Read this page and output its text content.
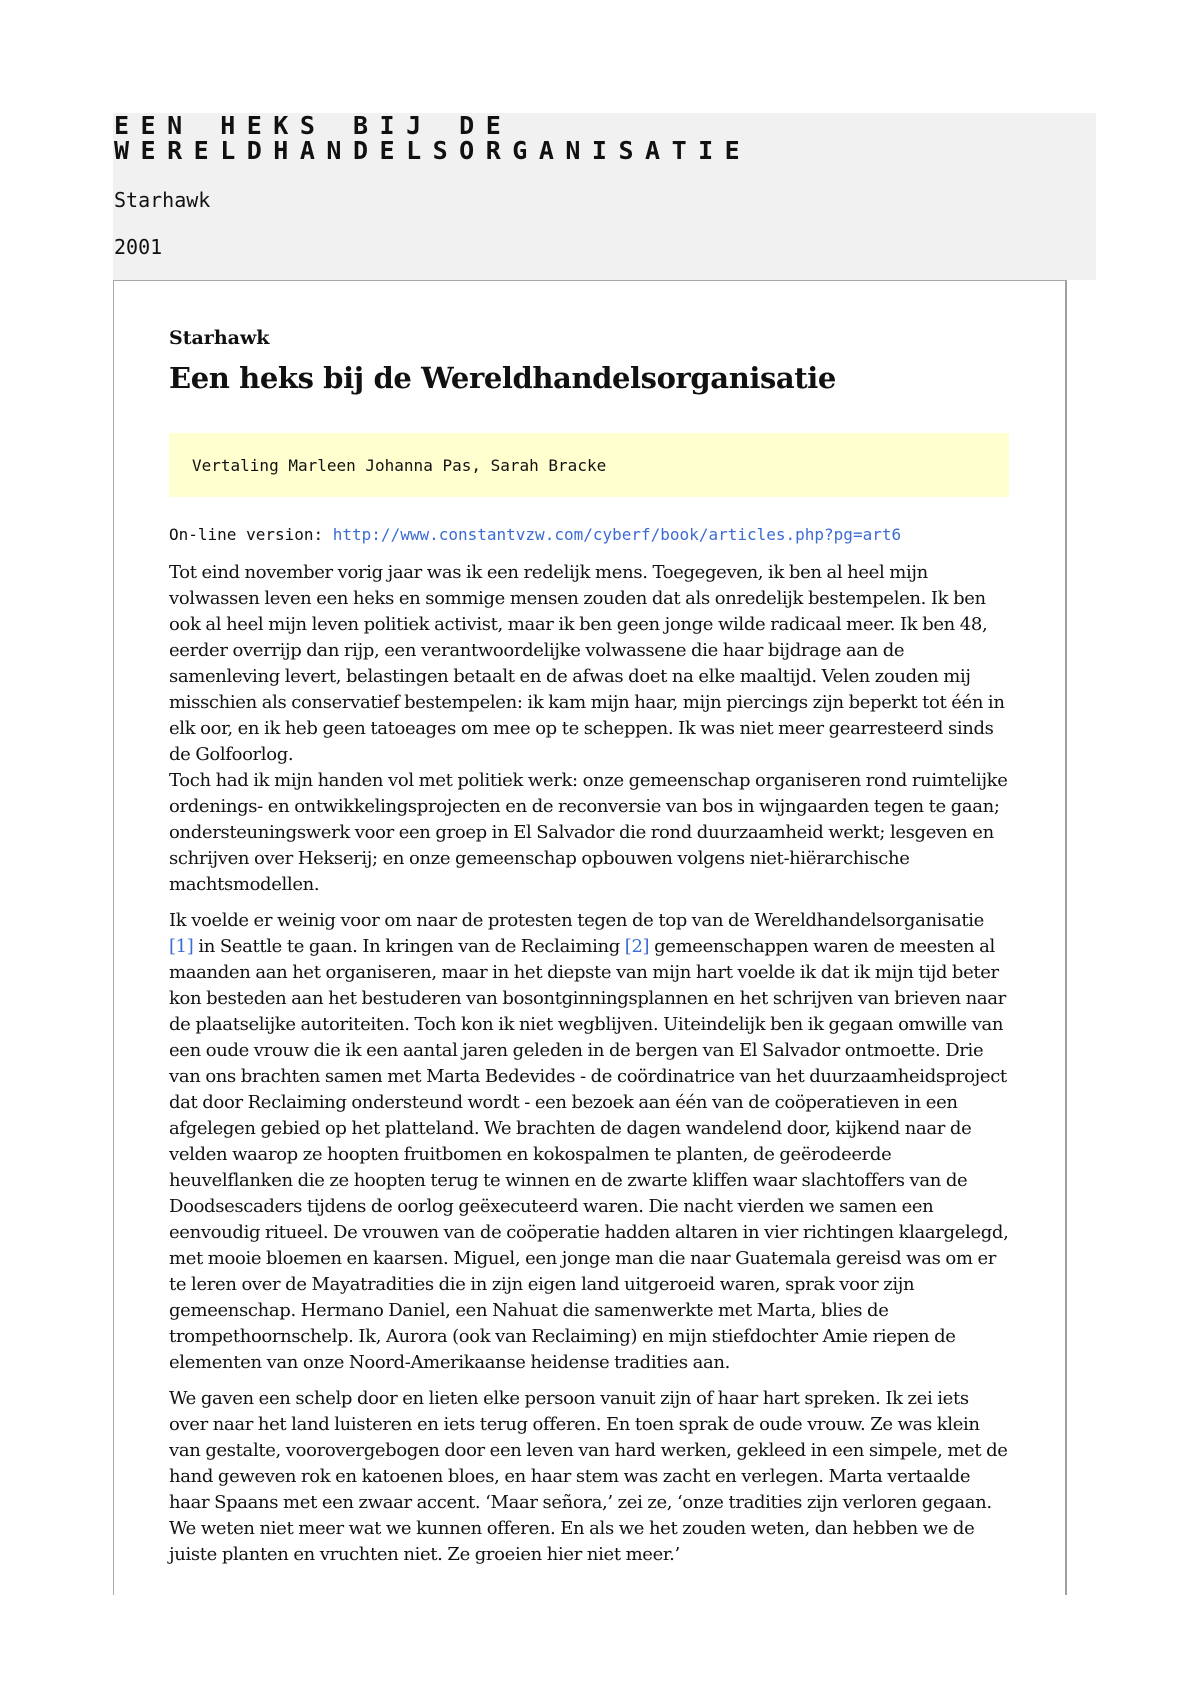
EEN HEKS BIJ DE WERELDHANDELSORGANISATIE
Starhawk
2001
Starhawk
Een heks bij de Wereldhandelsorganisatie
Vertaling Marleen Johanna Pas, Sarah Bracke
On-line version: http://www.constantvzw.com/cyberf/book/articles.php?pg=art6

Tot eind november vorig jaar was ik een redelijk mens. Toegegeven, ik ben al heel mijn volwassen leven een heks en sommige mensen zouden dat als onredelijk bestempelen. Ik ben ook al heel mijn leven politiek activist, maar ik ben geen jonge wilde radicaal meer. Ik ben 48, eerder overrijp dan rijp, een verantwoordelijke volwassene die haar bijdrage aan de samenleving levert, belastingen betaalt en de afwas doet na elke maaltijd. Velen zouden mij misschien als conservatief bestempelen: ik kam mijn haar, mijn piercings zijn beperkt tot één in elk oor, en ik heb geen tatoeages om mee op te scheppen. Ik was niet meer gearresteerd sinds de Golfoorlog.
Toch had ik mijn handen vol met politiek werk: onze gemeenschap organiseren rond ruimtelijke ordenings- en ontwikkelingsprojecten en de reconversie van bos in wijngaarden tegen te gaan; ondersteuningswerk voor een groep in El Salvador die rond duurzaamheid werkt; lesgeven en schrijven over Hekserij; en onze gemeenschap opbouwen volgens niet-hiërarchische machtsmodellen.

Ik voelde er weinig voor om naar de protesten tegen de top van de Wereldhandelsorganisatie [1] in Seattle te gaan. In kringen van de Reclaiming [2] gemeenschappen waren de meesten al maanden aan het organiseren, maar in het diepste van mijn hart voelde ik dat ik mijn tijd beter kon besteden aan het bestuderen van bosontginningsplannen en het schrijven van brieven naar de plaatselijke autoriteiten. Toch kon ik niet wegblijven. Uiteindelijk ben ik gegaan omwille van een oude vrouw die ik een aantal jaren geleden in de bergen van El Salvador ontmoette. Drie van ons brachten samen met Marta Bedevides - de coördinatrice van het duurzaamheidsproject dat door Reclaiming ondersteund wordt - een bezoek aan één van de coöperatieven in een afgelegen gebied op het platteland. We brachten de dagen wandelend door, kijkend naar de velden waarop ze hoopten fruitbomen en kokospalmen te planten, de geërodeerde heuvelflanken die ze hoopten terug te winnen en de zwarte kliffen waar slachtoffers van de Doodsescaders tijdens de oorlog geëxecuteerd waren. Die nacht vierden we samen een eenvoudig ritueel. De vrouwen van de coöperatie hadden altaren in vier richtingen klaargelegd, met mooie bloemen en kaarsen. Miguel, een jonge man die naar Guatemala gereisd was om er te leren over de Mayatradities die in zijn eigen land uitgeroeid waren, sprak voor zijn gemeenschap. Hermano Daniel, een Nahuat die samenwerkte met Marta, blies de trompethoornschelp. Ik, Aurora (ook van Reclaiming) en mijn stiefdochter Amie riepen de elementen van onze Noord-Amerikaanse heidense tradities aan.

We gaven een schelp door en lieten elke persoon vanuit zijn of haar hart spreken. Ik zei iets over naar het land luisteren en iets terug offeren. En toen sprak de oude vrouw. Ze was klein van gestalte, voorovergebogen door een leven van hard werken, gekleed in een simpele, met de hand geweven rok en katoenen bloes, en haar stem was zacht en verlegen. Marta vertaalde haar Spaans met een zwaar accent. ‘Maar señora,’ zei ze, ‘onze tradities zijn verloren gegaan. We weten niet meer wat we kunnen offeren. En als we het zouden weten, dan hebben we de juiste planten en vruchten niet. Ze groeien hier niet meer.’
